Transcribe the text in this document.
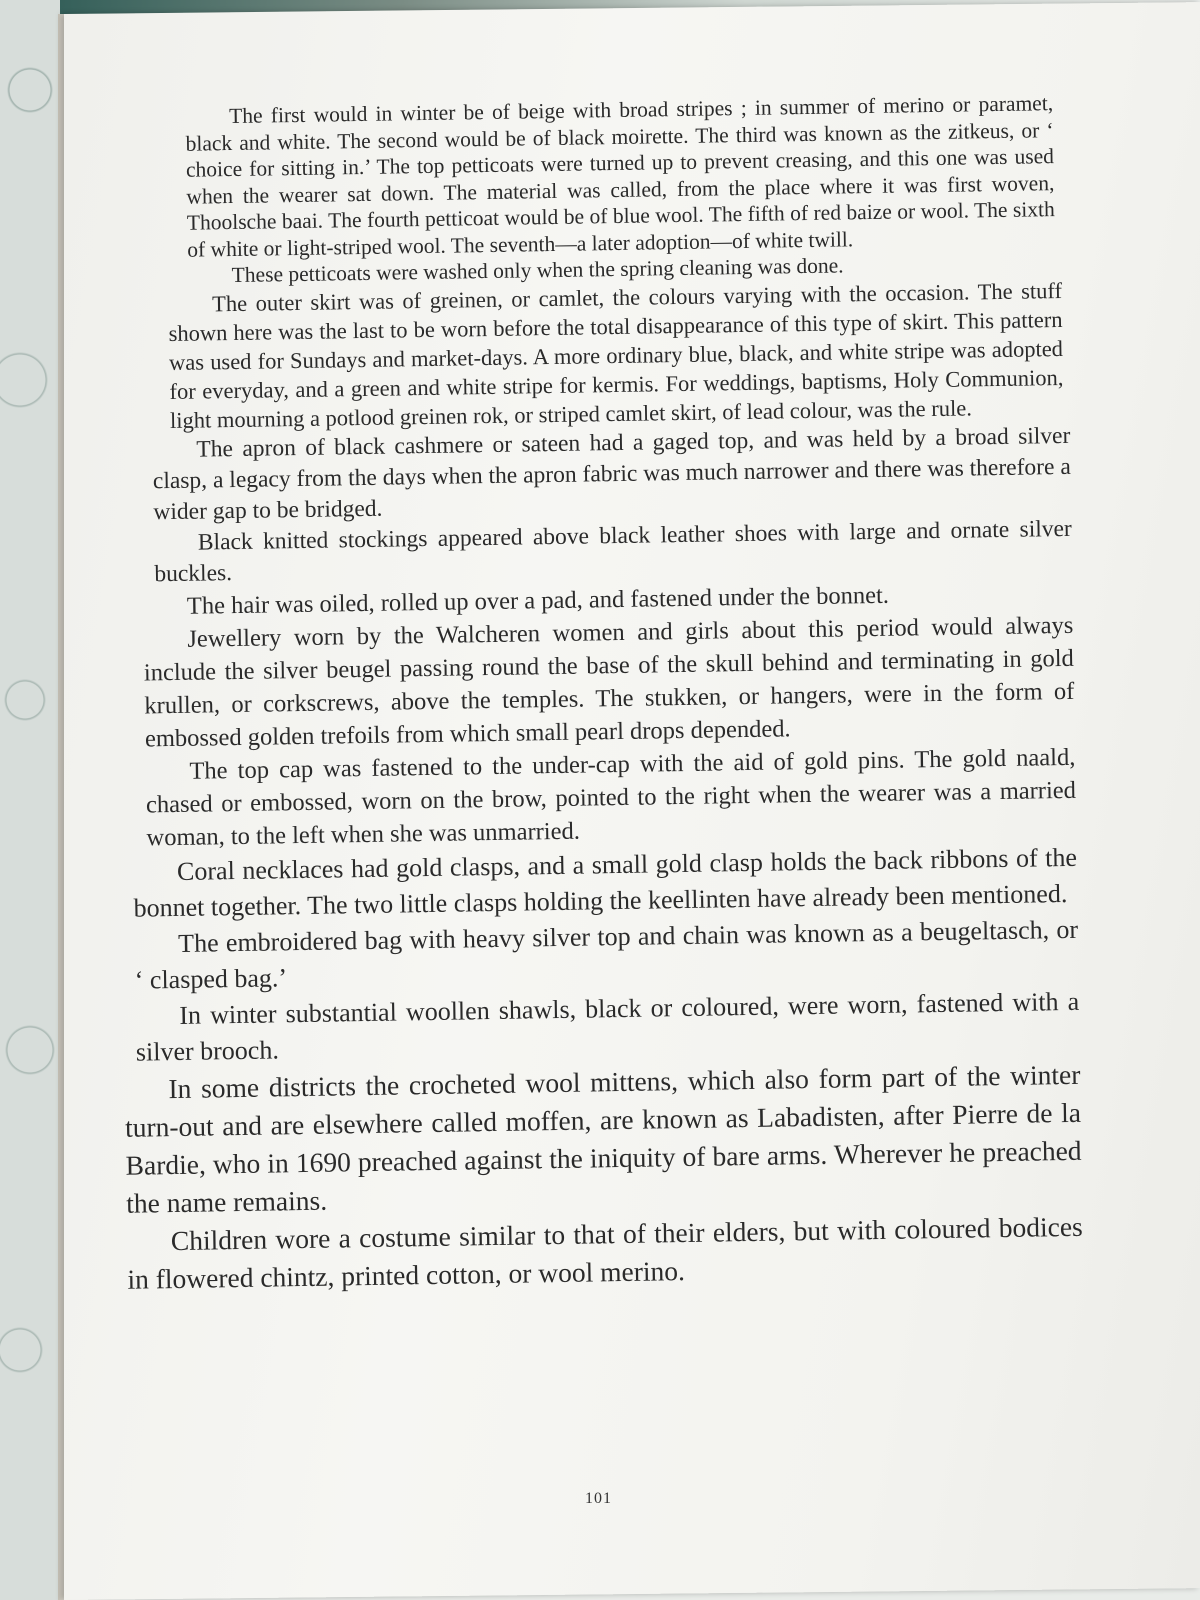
The first would in winter be of beige with broad stripes ; in summer of merino or paramet, black and white. The second would be of black moirette. The third was known as the zitkeus, or ‘ choice for sitting in.’ The top petticoats were turned up to prevent creasing, and this one was used when the wearer sat down. The material was called, from the place where it was first woven, Thoolsche baai. The fourth petticoat would be of blue wool. The fifth of red baize or wool. The sixth of white or light-striped wool. The seventh—a later adoption—of white twill.

These petticoats were washed only when the spring cleaning was done.

The outer skirt was of greinen, or camlet, the colours varying with the occasion. The stuff shown here was the last to be worn before the total disappearance of this type of skirt. This pattern was used for Sundays and market-days. A more ordinary blue, black, and white stripe was adopted for everyday, and a green and white stripe for kermis. For weddings, baptisms, Holy Communion, light mourning a potlood greinen rok, or striped camlet skirt, of lead colour, was the rule.

The apron of black cashmere or sateen had a gaged top, and was held by a broad silver clasp, a legacy from the days when the apron fabric was much narrower and there was therefore a wider gap to be bridged.

Black knitted stockings appeared above black leather shoes with large and ornate silver buckles.

The hair was oiled, rolled up over a pad, and fastened under the bonnet.

Jewellery worn by the Walcheren women and girls about this period would always include the silver beugel passing round the base of the skull behind and terminating in gold krullen, or corkscrews, above the temples. The stukken, or hangers, were in the form of embossed golden trefoils from which small pearl drops depended.

The top cap was fastened to the under-cap with the aid of gold pins. The gold naald, chased or embossed, worn on the brow, pointed to the right when the wearer was a married woman, to the left when she was unmarried.

Coral necklaces had gold clasps, and a small gold clasp holds the back ribbons of the bonnet together. The two little clasps holding the keellinten have already been mentioned.

The embroidered bag with heavy silver top and chain was known as a beugeltasch, or ‘ clasped bag.’

In winter substantial woollen shawls, black or coloured, were worn, fastened with a silver brooch.

In some districts the crocheted wool mittens, which also form part of the winter turn-out and are elsewhere called moffen, are known as Labadisten, after Pierre de la Bardie, who in 1690 preached against the iniquity of bare arms. Wherever he preached the name remains.

Children wore a costume similar to that of their elders, but with coloured bodices in flowered chintz, printed cotton, or wool merino.

101
